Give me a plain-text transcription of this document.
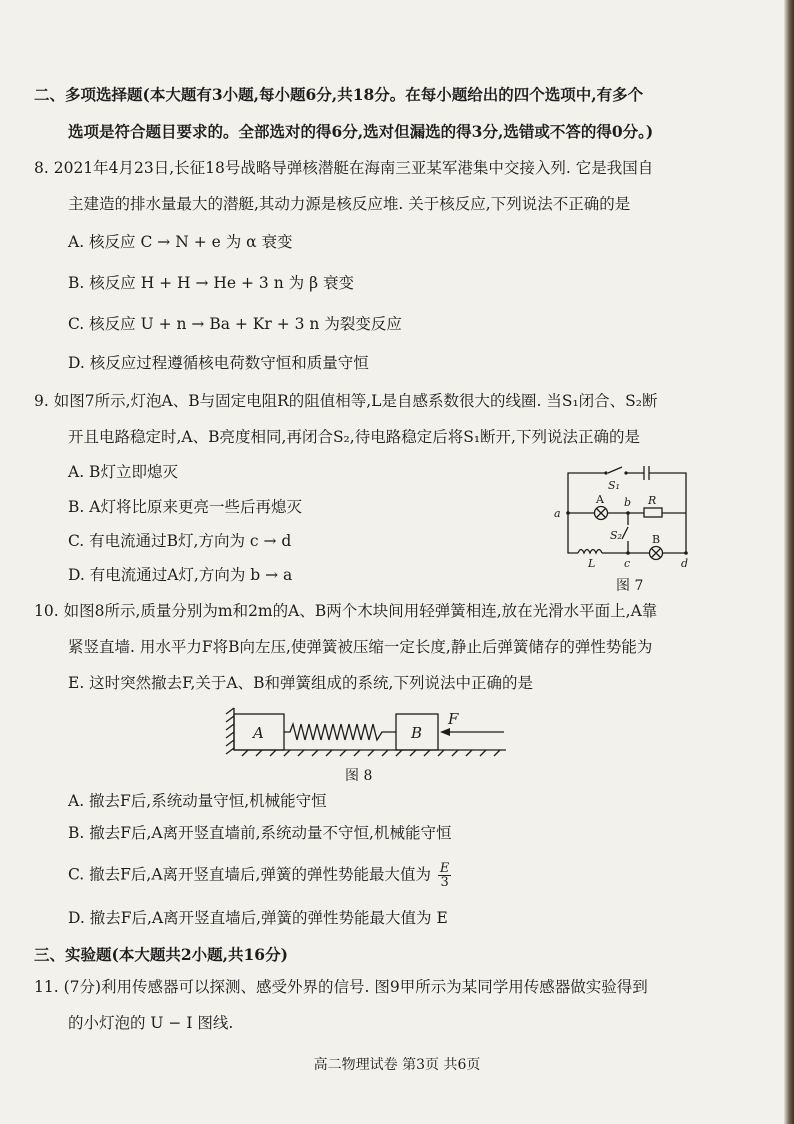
二、多项选择题(本大题有3小题,每小题6分,共18分。在每小题给出的四个选项中,有多个
选项是符合题目要求的。全部选对的得6分,选对但漏选的得3分,选错或不答的得0分。)
8. 2021年4月23日,长征18号战略导弹核潜艇在海南三亚某军港集中交接入列. 它是我国自
主建造的排水量最大的潜艇,其动力源是核反应堆. 关于核反应,下列说法不正确的是
A. 核反应 C → N + e 为 α 衰变
B. 核反应 H + H → He + 3 n 为 β 衰变
C. 核反应 U + n → Ba + Kr + 3 n 为裂变反应
D. 核反应过程遵循核电荷数守恒和质量守恒
9. 如图7所示,灯泡A、B与固定电阻R的阻值相等,L是自感系数很大的线圈. 当S₁闭合、S₂断
开且电路稳定时,A、B亮度相同,再闭合S₂,待电路稳定后将S₁断开,下列说法正确的是
A. B灯立即熄灭
B. A灯将比原来更亮一些后再熄灭
C. 有电流通过B灯,方向为 c → d
D. 有电流通过A灯,方向为 b → a
S₁
a
A b R
S₂	B
L	c	d
图 7
10. 如图8所示,质量分别为m和2m的A、B两个木块间用轻弹簧相连,放在光滑水平面上,A靠
紧竖直墙. 用水平力F将B向左压,使弹簧被压缩一定长度,静止后弹簧储存的弹性势能为
E. 这时突然撤去F,关于A、B和弹簧组成的系统,下列说法中正确的是
A	B
F
图 8
A. 撤去F后,系统动量守恒,机械能守恒
B. 撤去F后,A离开竖直墙前,系统动量不守恒,机械能守恒
C. 撤去F后,A离开竖直墙后,弹簧的弹性势能最大值为 $\frac{E}{3}$
D. 撤去F后,A离开竖直墙后,弹簧的弹性势能最大值为 E
三、实验题(本大题共2小题,共16分)
11. (7分)利用传感器可以探测、感受外界的信号. 图9甲所示为某同学用传感器做实验得到
的小灯泡的 U − I 图线.
高二物理试卷 第3页 共6页
